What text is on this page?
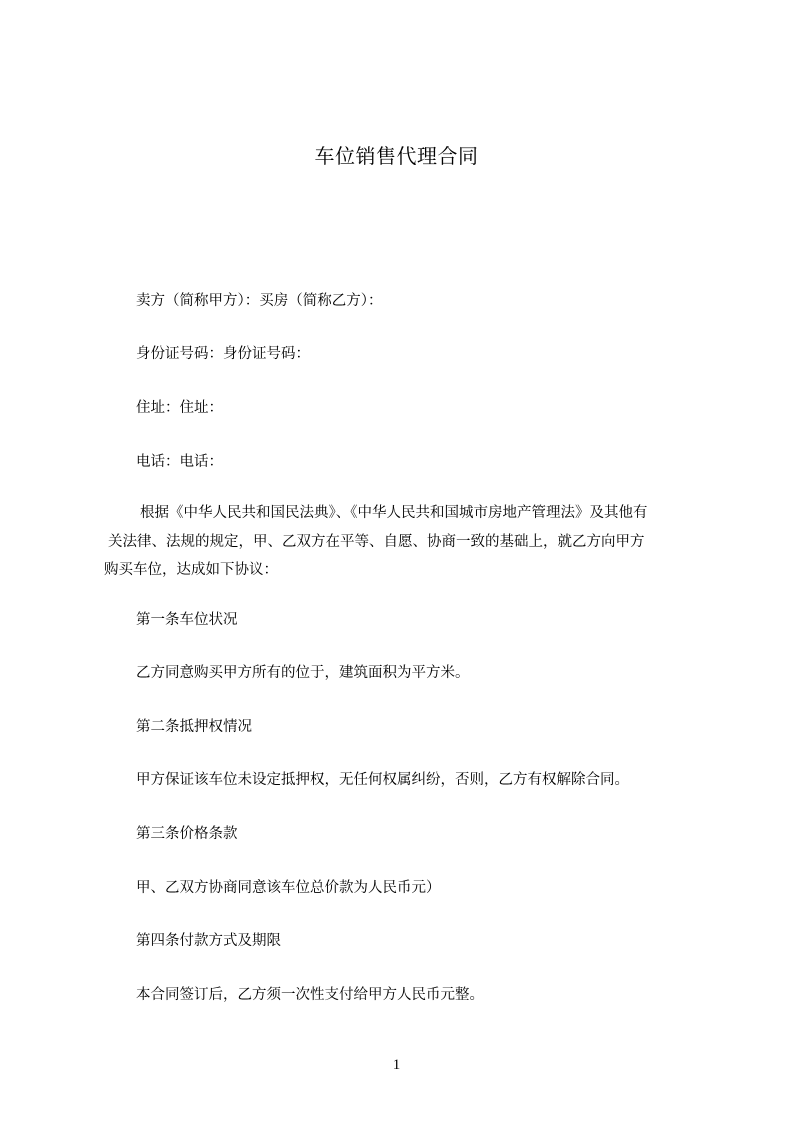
车位销售代理合同
卖方（简称甲方）：买房（简称乙方）：
身份证号码：身份证号码：
住址：住址：
电话：电话：
根据《中华人民共和国民法典》、《中华人民共和国城市房地产管理法》及其他有
关法律、法规的规定，甲、乙双方在平等、自愿、协商一致的基础上，就乙方向甲方
购买车位，达成如下协议：
第一条车位状况
乙方同意购买甲方所有的位于，建筑面积为平方米。
第二条抵押权情况
甲方保证该车位未设定抵押权，无任何权属纠纷，否则，乙方有权解除合同。
第三条价格条款
甲、乙双方协商同意该车位总价款为人民币元）
第四条付款方式及期限
本合同签订后，乙方须一次性支付给甲方人民币元整。
1
